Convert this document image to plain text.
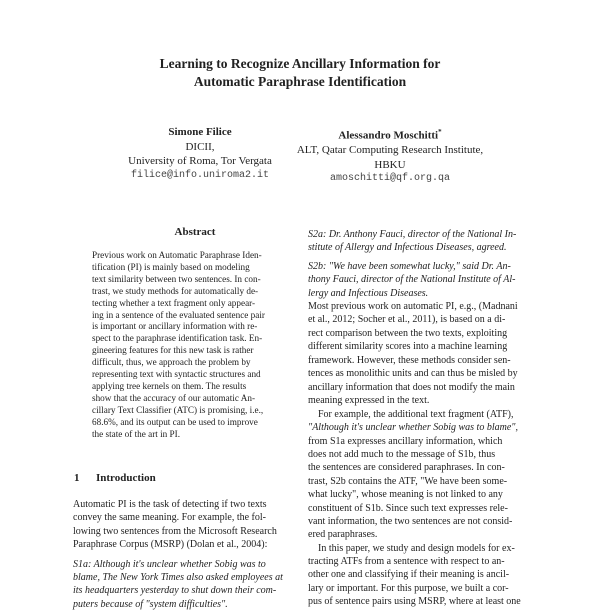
Learning to Recognize Ancillary Information for
Automatic Paraphrase Identification
Simone Filice
DICII,
University of Roma, Tor Vergata
filice@info.uniroma2.it
Alessandro Moschitti*
ALT, Qatar Computing Research Institute,
HBKU
amoschitti@qf.org.qa
Abstract
Previous work on Automatic Paraphrase Iden-
tification (PI) is mainly based on modeling
text similarity between two sentences. In con-
trast, we study methods for automatically de-
tecting whether a text fragment only appear-
ing in a sentence of the evaluated sentence pair
is important or ancillary information with re-
spect to the paraphrase identification task. En-
gineering features for this new task is rather
difficult, thus, we approach the problem by
representing text with syntactic structures and
applying tree kernels on them. The results
show that the accuracy of our automatic An-
cillary Text Classifier (ATC) is promising, i.e.,
68.6%, and its output can be used to improve
the state of the art in PI.
1 Introduction
Automatic PI is the task of detecting if two texts
convey the same meaning. For example, the fol-
lowing two sentences from the Microsoft Research
Paraphrase Corpus (MSRP) (Dolan et al., 2004):
S1a: Although it's unclear whether Sobig was to
blame, The New York Times also asked employees at
its headquarters yesterday to shut down their com-
puters because of "system difficulties".
S2a: Dr. Anthony Fauci, director of the National In-
stitute of Allergy and Infectious Diseases, agreed.
S2b: "We have been somewhat lucky," said Dr. An-
thony Fauci, director of the National Institute of Al-
lergy and Infectious Diseases.
Most previous work on automatic PI, e.g., (Madnani
et al., 2012; Socher et al., 2011), is based on a di-
rect comparison between the two texts, exploiting
different similarity scores into a machine learning
framework. However, these methods consider sen-
tences as monolithic units and can thus be misled by
ancillary information that does not modify the main
meaning expressed in the text.
For example, the additional text fragment (ATF),
"Although it's unclear whether Sobig was to blame",
from S1a expresses ancillary information, which
does not add much to the message of S1b, thus
the sentences are considered paraphrases. In con-
trast, S2b contains the ATF, "We have been some-
what lucky", whose meaning is not linked to any
constituent of S1b. Since such text expresses rele-
vant information, the two sentences are not consid-
ered paraphrases.
In this paper, we study and design models for ex-
tracting ATFs from a sentence with respect to an-
other one and classifying if their meaning is ancil-
lary or important. For this purpose, we built a cor-
pus of sentence pairs using MSRP, where at least one
